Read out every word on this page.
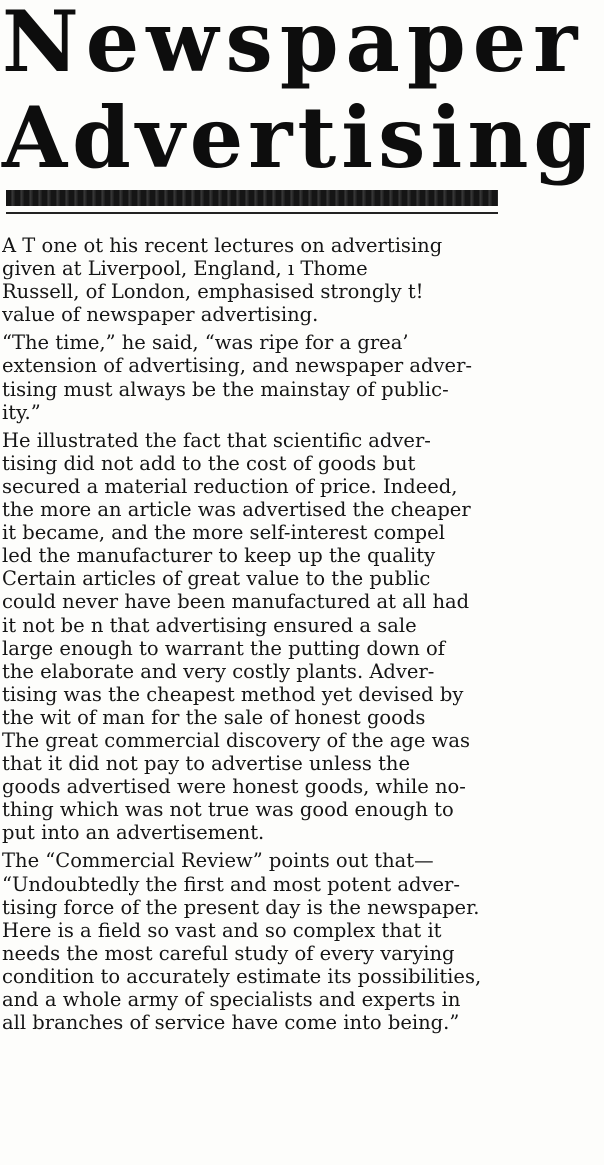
Newspaper
Advertising
A T one ot his recent lectures on advertising
given at Liverpool, England, ı Thome
Russell, of London, emphasised strongly t!
value of newspaper advertising.
“The time,” he said, “was ripe for a grea’
extension of advertising, and newspaper adver-
tising must always be the mainstay of public-
ity.”
He illustrated the fact that scientific adver-
tising did not add to the cost of goods but
secured a material reduction of price. Indeed,
the more an article was advertised the cheaper
it became, and the more self-interest compel
led the manufacturer to keep up the quality
Certain articles of great value to the public
could never have been manufactured at all had
it not be n that advertising ensured a sale
large enough to warrant the putting down of
the elaborate and very costly plants. Adver-
tising was the cheapest method yet devised by
the wit of man for the sale of honest goods
The great commercial discovery of the age was
that it did not pay to advertise unless the
goods advertised were honest goods, while no-
thing which was not true was good enough to
put into an advertisement.
The “Commercial Review” points out that—
“Undoubtedly the first and most potent adver-
tising force of the present day is the newspaper.
Here is a field so vast and so complex that it
needs the most careful study of every varying
condition to accurately estimate its possibilities,
and a whole army of specialists and experts in
all branches of service have come into being.”
